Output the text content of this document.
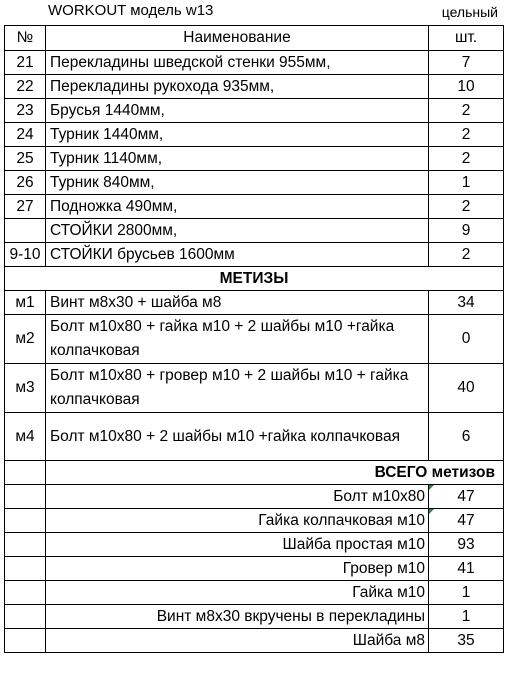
WORKOUT модель w13	цельный
№	Наименование	шт.
21	Перекладины шведской стенки 955мм,	7
22	Перекладины рукохода 935мм,	10
23	Брусья 1440мм,	2
24	Турник 1440мм,	2
25	Турник 1140мм,	2
26	Турник 840мм,	1
27	Подножка 490мм,	2
	СТОЙКИ 2800мм,	9
9-10	СТОЙКИ брусьев 1600мм	2
МЕТИЗЫ		
м1	Винт м8х30 + шайба м8	34
м2	Болт м10х80 + гайка м10 + 2 шайбы м10 +гайка колпачковая	0
м3	Болт м10х80 + гровер м10 + 2 шайбы м10 + гайка колпачковая	40
м4	Болт м10х80 + 2 шайбы м10 +гайка колпачковая	6
	ВСЕГО метизов	
	Болт м10х80	47
	Гайка колпачковая м10	47
	Шайба простая м10	93
	Гровер м10	41
	Гайка м10	1
	Винт м8х30 вкручены в перекладины	1
	Шайба м8	35
